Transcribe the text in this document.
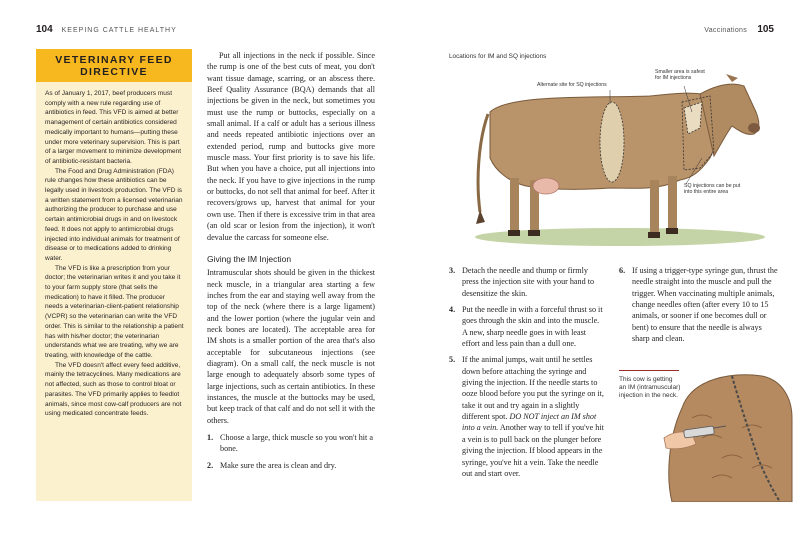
104 KEEPING CATTLE HEALTHY	Vaccinations 105
VETERINARY FEED
DIRECTIVE

As of January 1, 2017, beef producers must comply with a new rule regarding use of antibiotics in feed. This VFD is aimed at better management of certain antibiotics considered medically important to humans—putting these under more veterinary supervision. This is part of a larger movement to minimize development of antibiotic-resistant bacteria.

The Food and Drug Administration (FDA) rule changes how these antibiotics can be legally used in livestock production. The VFD is a written statement from a licensed veterinarian authorizing the producer to purchase and use certain antimicrobial drugs in and on livestock feed. It does not apply to antimicrobial drugs injected into individual animals for treatment of disease or to medications added to drinking water.

The VFD is like a prescription from your doctor; the veterinarian writes it and you take it to your farm supply store (that sells the medication) to have it filled. The producer needs a veterinarian-client-patient relationship (VCPR) so the veterinarian can write the VFD order. This is similar to the relationship a patient has with his/her doctor; the veterinarian understands what we are treating, why we are treating, with knowledge of the cattle.

The VFD doesn't affect every feed additive, mainly the tetracyclines. Many medications are not affected, such as those to control bloat or parasites. The VFD primarily applies to feedlot animals, since most cow-calf producers are not using medicated concentrate feeds.

Put all injections in the neck if possible. Since the rump is one of the best cuts of meat, you don't want tissue damage, scarring, or an abscess there. Beef Quality Assurance (BQA) demands that all injections be given in the neck, but sometimes you must use the rump or buttocks, especially on a small animal. If a calf or adult has a serious illness and needs repeated antibiotic injections over an extended period, rump and buttocks give more muscle mass. Your first priority is to save his life. But when you have a choice, put all injections into the neck. If you have to give injections in the rump or buttocks, do not sell that animal for beef. After it recovers/grows up, harvest that animal for your own use. Then if there is excessive trim in that area (an old scar or lesion from the injection), it won't devalue the carcass for someone else.

Giving the IM Injection

Intramuscular shots should be given in the thickest neck muscle, in a triangular area starting a few inches from the ear and staying well away from the top of the neck (where there is a large ligament) and the lower portion (where the jugular vein and neck bones are located). The acceptable area for IM shots is a smaller portion of the area that's also acceptable for subcutaneous injections (see diagram). On a small calf, the neck muscle is not large enough to adequately absorb some types of large injections, such as certain antibiotics. In these instances, the muscle at the buttocks may be used, but keep track of that calf and do not sell it with the others.

1. Choose a large, thick muscle so you won't hit a bone.
2. Make sure the area is clean and dry.
Locations for IM and SQ injections
Alternate site for SQ injections
Smaller area is safest
for IM injections
SQ injections can be put
into this entire area
3. Detach the needle and thump or firmly press the injection site with your hand to desensitize the skin.
4. Put the needle in with a forceful thrust so it goes through the skin and into the muscle. A new, sharp needle goes in with least effort and less pain than a dull one.
5. If the animal jumps, wait until he settles down before attaching the syringe and giving the injection. If the needle starts to ooze blood before you put the syringe on it, take it out and try again in a slightly different spot. DO NOT inject an IM shot into a vein. Another way to tell if you've hit a vein is to pull back on the plunger before giving the injection. If blood appears in the syringe, you've hit a vein. Take the needle out and start over.
6. If using a trigger-type syringe gun, thrust the needle straight into the muscle and pull the trigger. When vaccinating multiple animals, change needles often (after every 10 to 15 animals, or sooner if one becomes dull or bent) to ensure that the needle is always sharp and clean.
This cow is getting an IM (intramuscular) injection in the neck.
